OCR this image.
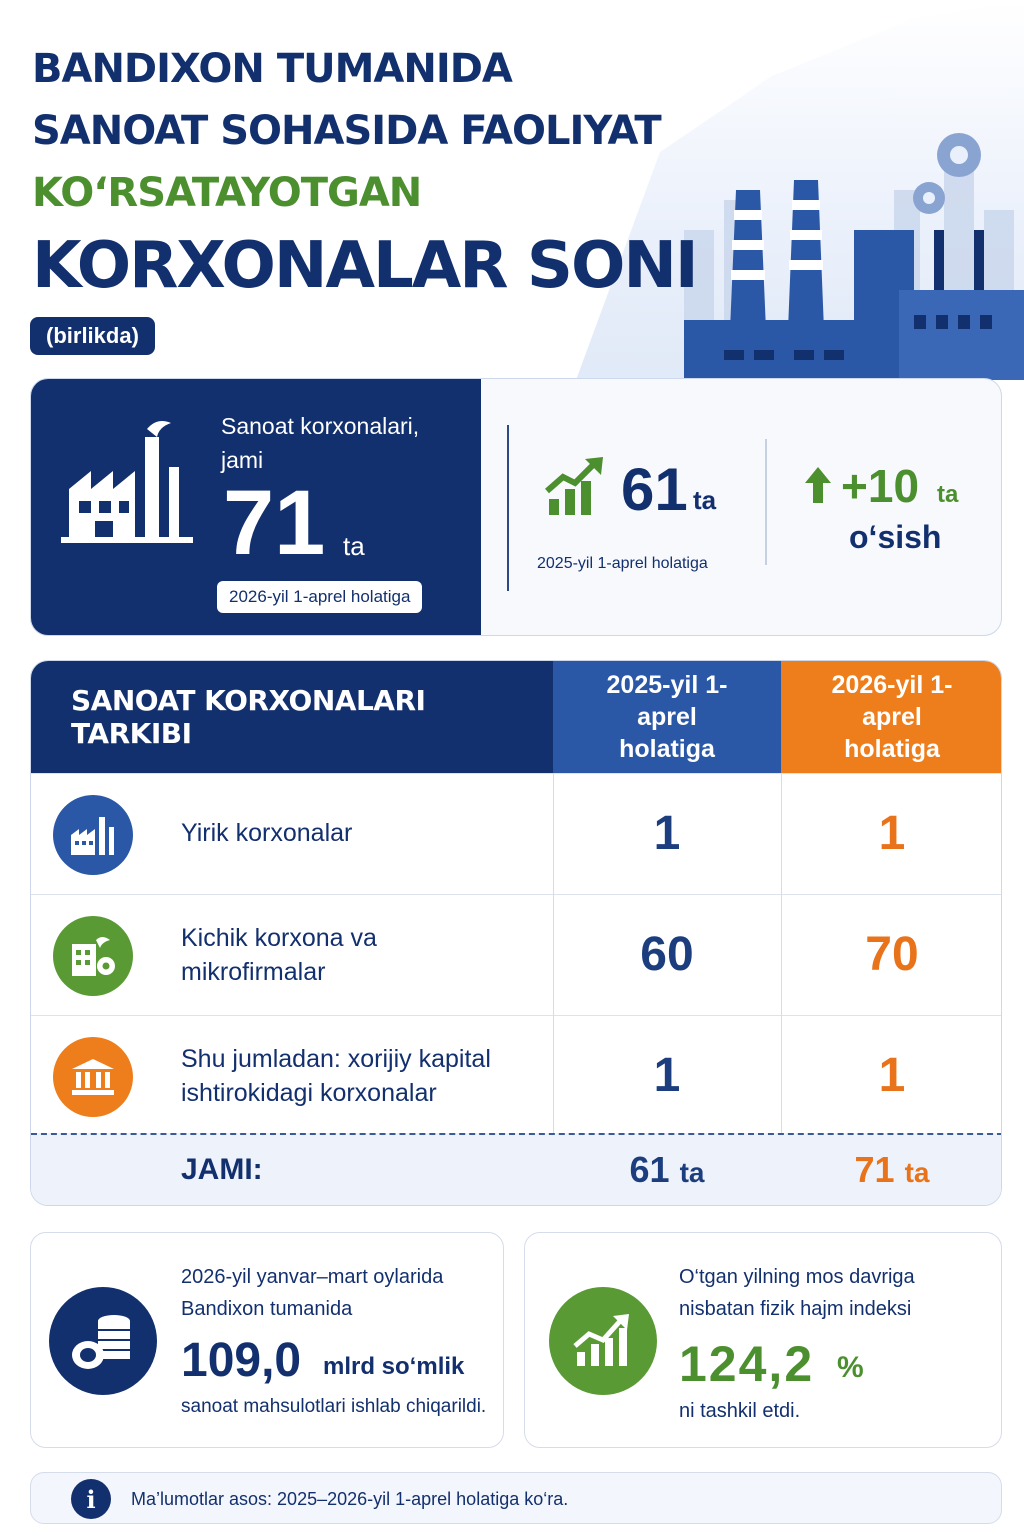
BANDIXON TUMANIDA
SANOAT SOHASIDA FAOLIYAT
KO‘RSATAYOTGAN
KORXONALAR SONI
(birlikda)
Sanoat korxonalari, jami
71 ta
2026-yil 1-aprel holatiga
61 ta
2025-yil 1-aprel holatiga
+10 ta
o‘sish
SANOAT KORXONALARI TARKIBI
2025-yil 1-aprel holatiga
2026-yil 1-aprel holatiga
Yirik korxonalar	1	1
Kichik korxona va mikrofirmalar	60	70
Shu jumladan: xorijiy kapital ishtirokidagi korxonalar	1	1
JAMI:	61 ta	71 ta
2026-yil yanvar–mart oylarida Bandixon tumanida
109,0 mlrd so‘mlik
sanoat mahsulotlari ishlab chiqarildi.
O‘tgan yilning mos davriga nisbatan fizik hajm indeksi
124,2 %
ni tashkil etdi.
i	Ma’lumotlar asos: 2025–2026-yil 1-aprel holatiga ko‘ra.
